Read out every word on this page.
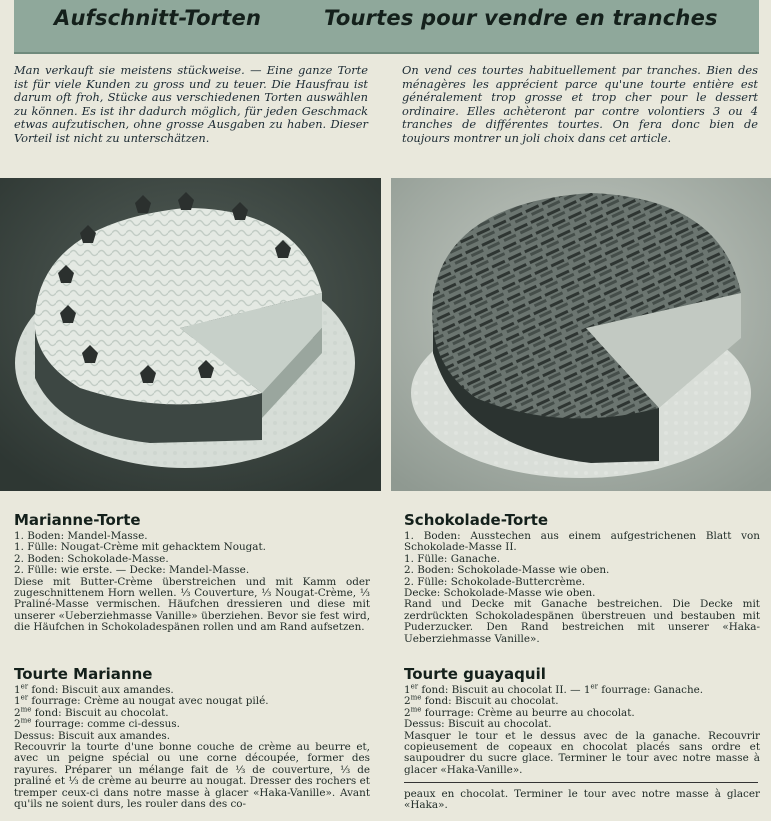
Aufschnitt-Torten	Tourtes pour vendre en tranches

Man verkauft sie meistens stückweise. — Eine ganze Torte ist für viele Kunden zu gross und zu teuer. Die Hausfrau ist darum oft froh, Stücke aus verschiedenen Torten auswählen zu können. Es ist ihr dadurch möglich, für jeden Geschmack etwas aufzutischen, ohne grosse Ausgaben zu haben. Dieser Vorteil ist nicht zu unterschätzen.

On vend ces tourtes habituellement par tranches. Bien des ménagères les apprécient parce qu'une tourte entière est généralement trop grosse et trop cher pour le dessert ordinaire. Elles achèteront par contre volontiers 3 ou 4 tranches de différentes tourtes. On fera donc bien de toujours montrer un joli choix dans cet article.

Marianne-Torte

1. Boden: Mandel-Masse.

1. Fülle: Nougat-Crème mit gehacktem Nougat.

2. Boden: Schokolade-Masse.

2. Fülle: wie erste. — Decke: Mandel-Masse.

Diese mit Butter-Crème überstreichen und mit Kamm oder zugeschnittenem Horn wellen. ⅓ Couverture, ⅓ Nougat-Crème, ⅓ Praliné-Masse vermischen. Häufchen dressieren und diese mit unserer «Ueberziehmasse Vanille» überziehen. Bevor sie fest wird, die Häufchen in Schokoladespänen rollen und am Rand aufsetzen.

Tourte Marianne

1er fond: Biscuit aux amandes.

1er fourrage: Crème au nougat avec nougat pilé.

$2^{me}$ fond: Biscuit au chocolat.

$2^{me}$ fourrage: comme ci-dessus.

Dessus: Biscuit aux amandes.

Recouvrir la tourte d'une bonne couche de crème au beurre et, avec un peigne spécial ou une corne découpée, former des rayures. Préparer un mélange fait de ⅓ de couverture, ⅓ de praliné et ⅓ de crème au beurre au nougat. Dresser des rochers et tremper ceux-ci dans notre masse à glacer «Haka-Vanille». Avant qu'ils ne soient durs, les rouler dans des co-

Schokolade-Torte

1. Boden: Ausstechen aus einem aufgestrichenen Blatt von Schokolade-Masse II.

1. Fülle: Ganache.

2. Boden: Schokolade-Masse wie oben.

2. Fülle: Schokolade-Buttercrème.

Decke: Schokolade-Masse wie oben.

Rand und Decke mit Ganache bestreichen. Die Decke mit zerdrückten Schokoladespänen überstreuen und bestauben mit Puderzucker. Den Rand bestreichen mit unserer «Haka-Ueberziehmasse Vanille».

Tourte guayaquil

1er fond: Biscuit au chocolat II. — 1er fourrage: Ganache.

$2^{me}$ fond: Biscuit au chocolat.

$2^{me}$ fourrage: Crème au beurre au chocolat.

Dessus: Biscuit au chocolat.

Masquer le tour et le dessus avec de la ganache. Recouvrir copieusement de copeaux en chocolat placés sans ordre et saupoudrer du sucre glace. Terminer le tour avec notre masse à glacer «Haka-Vanille».

peaux en chocolat. Terminer le tour avec notre masse à glacer «Haka».
